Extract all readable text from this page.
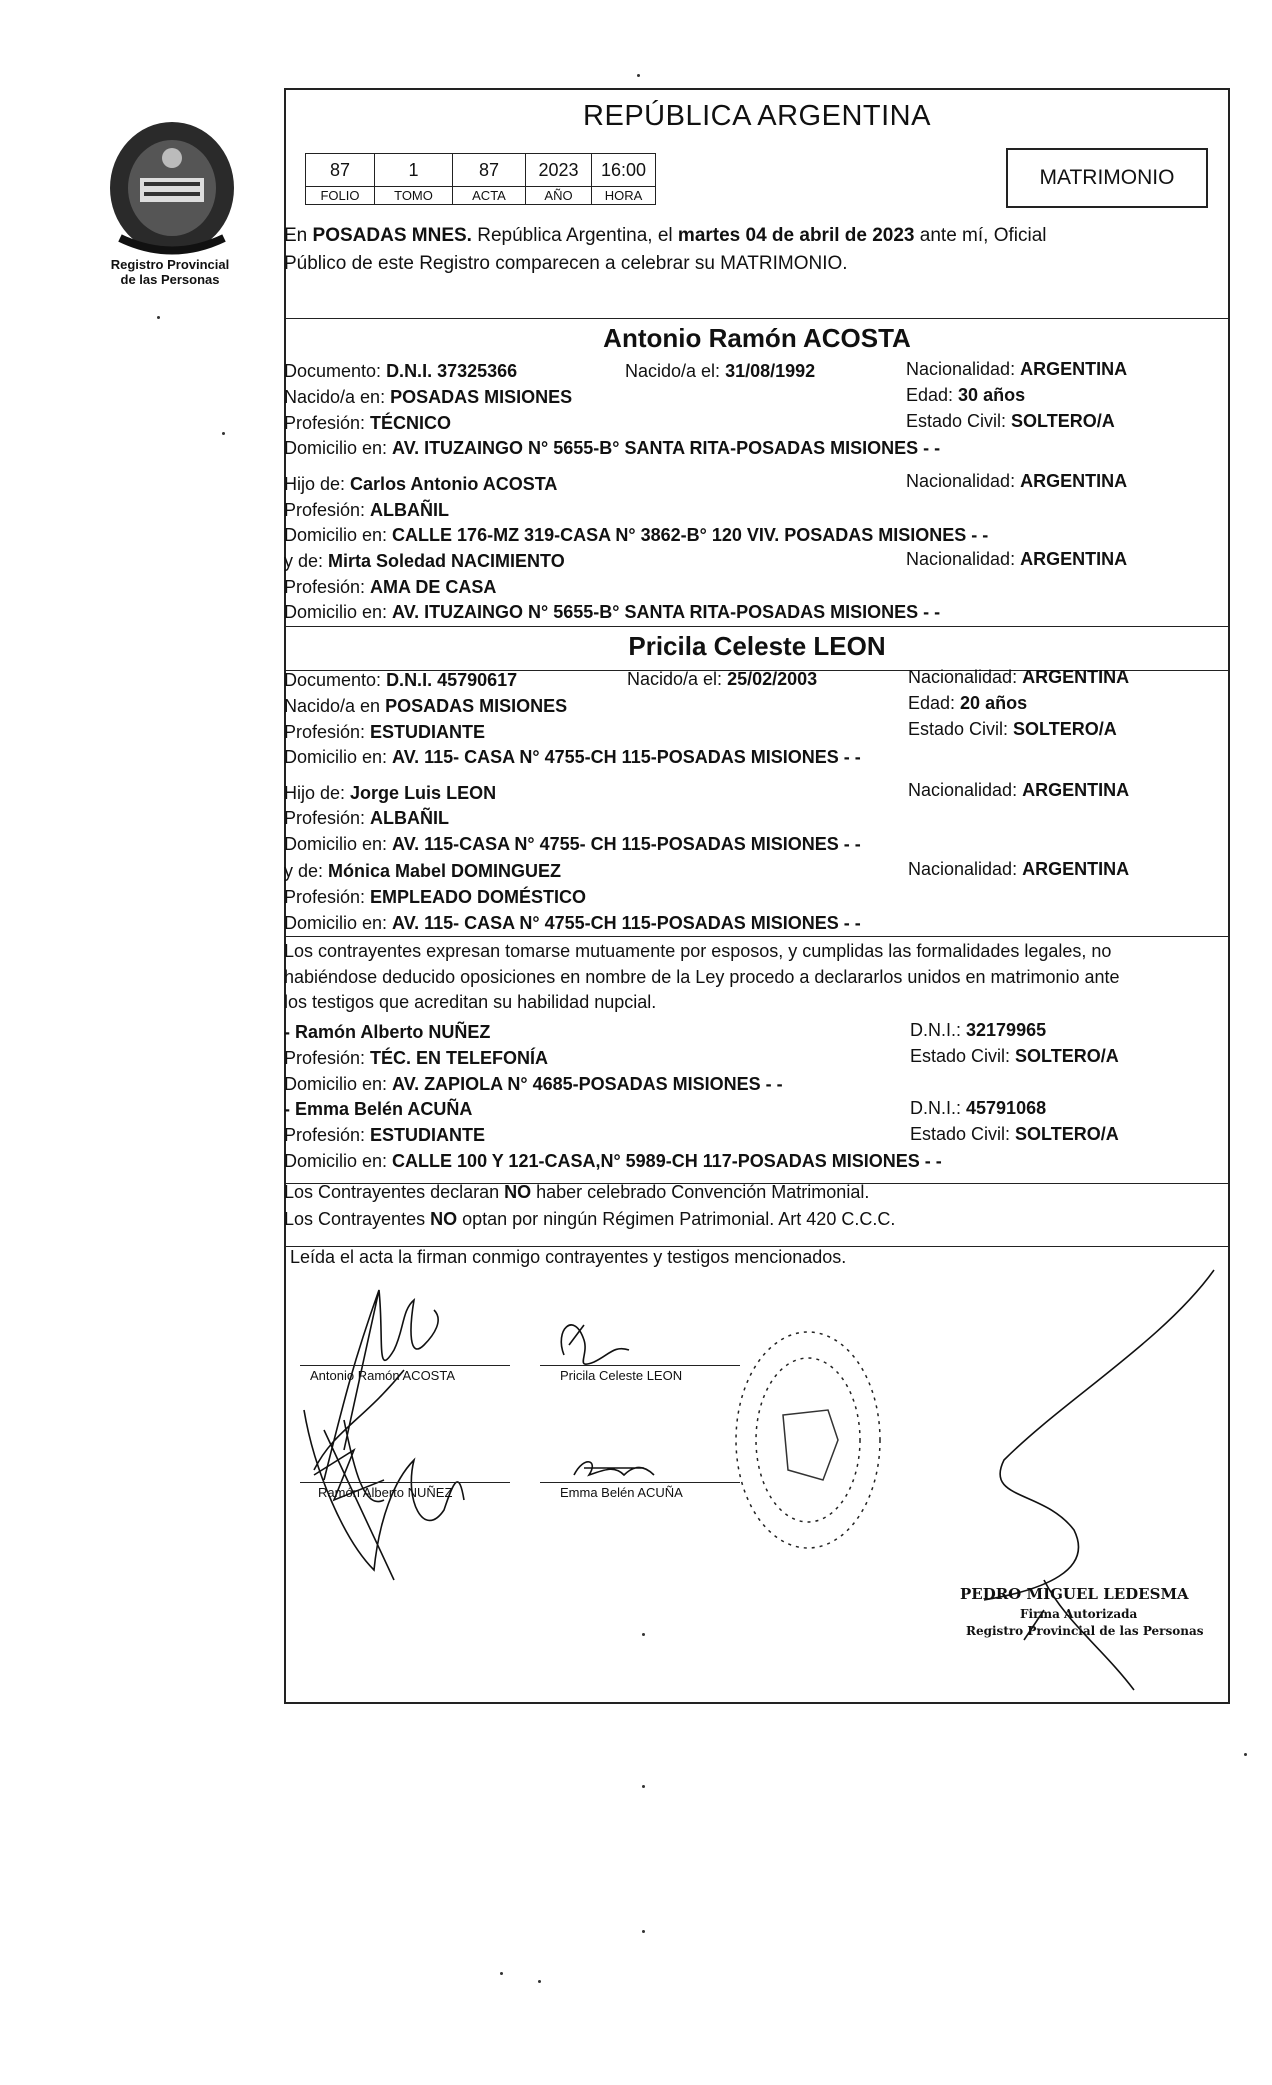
Registro Provincial
de las Personas
REPÚBLICA ARGENTINA
87	1	87	2023	16:00
FOLIO	TOMO	ACTA	AÑO	HORA
MATRIMONIO
En POSADAS MNES. República Argentina, el martes 04 de abril de 2023 ante mí, Oficial
Público de este Registro comparecen a celebrar su MATRIMONIO.
Antonio Ramón ACOSTA
Documento: D.N.I. 37325366	Nacido/a el: 31/08/1992	Nacionalidad: ARGENTINA
Nacido/a en: POSADAS MISIONES	Edad: 30 años
Profesión: TÉCNICO	Estado Civil: SOLTERO/A
Domicilio en: AV. ITUZAINGO N° 5655-B° SANTA RITA-POSADAS MISIONES - -
Hijo de: Carlos Antonio ACOSTA	Nacionalidad: ARGENTINA
Profesión: ALBAÑIL
Domicilio en: CALLE 176-MZ 319-CASA N° 3862-B° 120 VIV. POSADAS MISIONES - -
y de: Mirta Soledad NACIMIENTO	Nacionalidad: ARGENTINA
Profesión: AMA DE CASA
Domicilio en: AV. ITUZAINGO N° 5655-B° SANTA RITA-POSADAS MISIONES - -
Pricila Celeste LEON
Documento: D.N.I. 45790617	Nacido/a el: 25/02/2003	Nacionalidad: ARGENTINA
Nacido/a en POSADAS MISIONES	Edad: 20 años
Profesión: ESTUDIANTE	Estado Civil: SOLTERO/A
Domicilio en: AV. 115- CASA N° 4755-CH 115-POSADAS MISIONES - -
Hijo de: Jorge Luis LEON	Nacionalidad: ARGENTINA
Profesión: ALBAÑIL
Domicilio en: AV. 115-CASA N° 4755- CH 115-POSADAS MISIONES - -
y de: Mónica Mabel DOMINGUEZ	Nacionalidad: ARGENTINA
Profesión: EMPLEADO DOMÉSTICO
Domicilio en: AV. 115- CASA N° 4755-CH 115-POSADAS MISIONES - -
Los contrayentes expresan tomarse mutuamente por esposos, y cumplidas las formalidades legales, no
habiéndose deducido oposiciones en nombre de la Ley procedo a declararlos unidos en matrimonio ante
los testigos que acreditan su habilidad nupcial.
- Ramón Alberto NUÑEZ	D.N.I.: 32179965
Profesión: TÉC. EN TELEFONÍA	Estado Civil: SOLTERO/A
Domicilio en: AV. ZAPIOLA N° 4685-POSADAS MISIONES - -
- Emma Belén ACUÑA	D.N.I.: 45791068
Profesión: ESTUDIANTE	Estado Civil: SOLTERO/A
Domicilio en: CALLE 100 Y 121-CASA,N° 5989-CH 117-POSADAS MISIONES - -
Los Contrayentes declaran NO haber celebrado Convención Matrimonial.
Los Contrayentes NO optan por ningún Régimen Patrimonial. Art 420 C.C.C.
Leída el acta la firman conmigo contrayentes y testigos mencionados.
Antonio Ramón ACOSTA	Pricila Celeste LEON
Ramón Alberto NUÑEZ	Emma Belén ACUÑA
PEDRO MIGUEL LEDESMA
Firma Autorizada
Registro Provincial de las Personas
